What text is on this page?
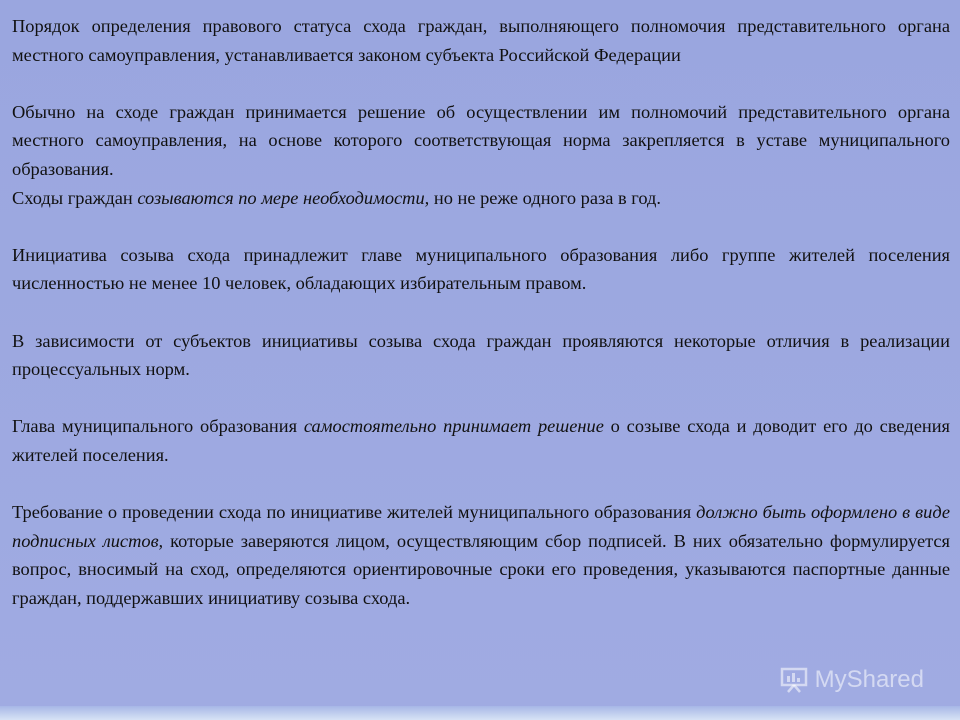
Порядок определения правового статуса схода граждан, выполняющего полномочия представительного органа местного самоуправления, устанавливается законом субъекта Российской Федерации

Обычно на сходе граждан принимается решение об осуществлении им полномочий представительного органа местного самоуправления, на основе которого соответствующая норма закрепляется в уставе муниципального образования.

Сходы граждан созываются по мере необходимости, но не реже одного раза в год.

Инициатива созыва схода принадлежит главе муниципального образования либо группе жителей поселения численностью не менее 10 человек, обладающих избирательным правом.

В зависимости от субъектов инициативы созыва схода граждан проявляются некоторые отличия в реализации процессуальных норм.

Глава муниципального образования самостоятельно принимает решение о созыве схода и доводит его до сведения жителей поселения.

Требование о проведении схода по инициативе жителей муниципального образования должно быть оформлено в виде подписных листов, которые заверяются лицом, осуществляющим сбор подписей. В них обязательно формулируется вопрос, вносимый на сход, определяются ориентировочные сроки его проведения, указываются паспортные данные граждан, поддержавших инициативу созыва схода.

MyShared
